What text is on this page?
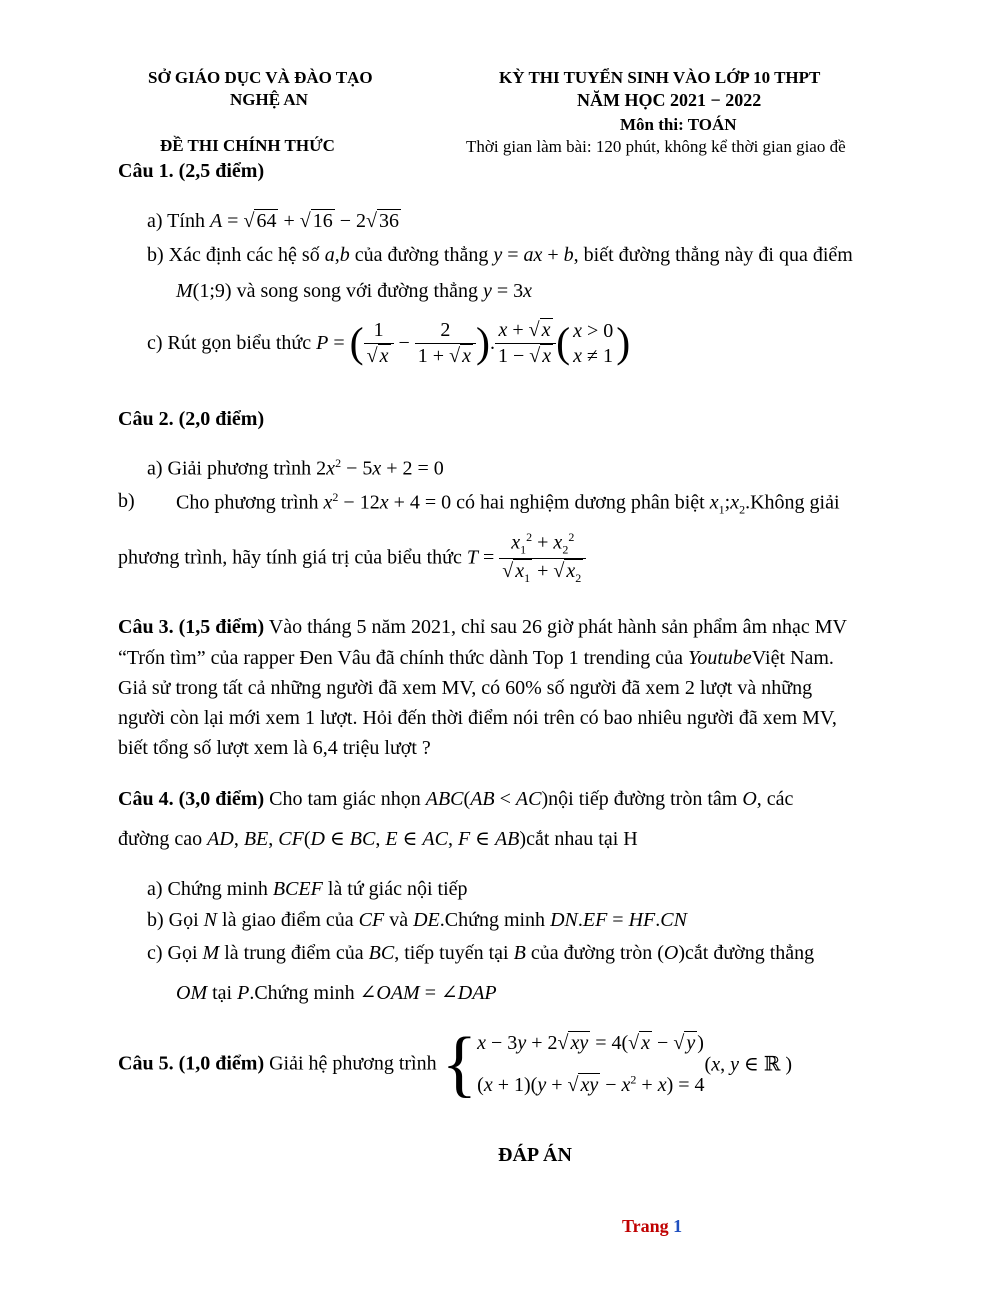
SỞ GIÁO DỤC VÀ ĐÀO TẠO
NGHỆ AN
ĐỀ THI CHÍNH THỨC
KỲ THI TUYỂN SINH VÀO LỚP 10 THPT
NĂM HỌC 2021 − 2022
Môn thi: TOÁN
Thời gian làm bài: 120 phút, không kể thời gian giao đề
Câu 1. (2,5 điểm)
a) Tính A = √ 64 + √ 16 − 2√ 36
b) Xác định các hệ số a,b của đường thẳng y = ax + b, biết đường thẳng này đi qua điểm
M(1;9) và song song với đường thẳng y = 3x
c) Rút gọn biểu thức P = ( $\frac{1}{√ x} - \frac{2}{1 + √ x}$ ). $\frac{x + √ x}{1 - √ x}$ ( x > 0
x ≠ 1 )
Câu 2. (2,0 điểm)
a) Giải phương trình $2x^2 - 5x + 2 = 0$
b) Cho phương trình $x^2 - 12x + 4 = 0$ có hai nghiệm dương phân biệt $x_1;x_2.Không$ giải
phương trình, hãy tính giá trị của biểu thức $T = \frac{x_1^2 + x_2^2}{√ x_1 + √ x_2}$
Câu 3. (1,5 điểm) Vào tháng 5 năm 2021, chỉ sau 26 giờ phát hành sản phẩm âm nhạc MV
“Trốn tìm” của rapper Đen Vâu đã chính thức dành Top 1 trending của YoutubeViệt Nam.
Giả sử trong tất cả những người đã xem MV, có 60% số người đã xem 2 lượt và những
người còn lại mới xem 1 lượt. Hỏi đến thời điểm nói trên có bao nhiêu người đã xem MV,
biết tổng số lượt xem là 6,4 triệu lượt ?
Câu 4. (3,0 điểm) Cho tam giác nhọn ABC(AB < AC)nội tiếp đường tròn tâm O, các
đường cao AD, BE, CF(D ∈ BC, E ∈ AC, F ∈ AB)cắt nhau tại H
a) Chứng minh BCEF là tứ giác nội tiếp
b) Gọi N là giao điểm của CF và DE.Chứng minh DN.EF = HF.CN
c) Gọi M là trung điểm của BC, tiếp tuyến tại B của đường tròn (O)cắt đường thẳng
OM tại P.Chứng minh ∠OAM = ∠DAP
Câu 5. (1,0 điểm) Giải hệ phương trình { x − 3y + 2√ xy = 4(√ x − √ y )
(x + 1)(y + √ xy − $x^2 + x) = 4$
(x, y ∈ ℝ )
ĐÁP ÁN
Trang 1
